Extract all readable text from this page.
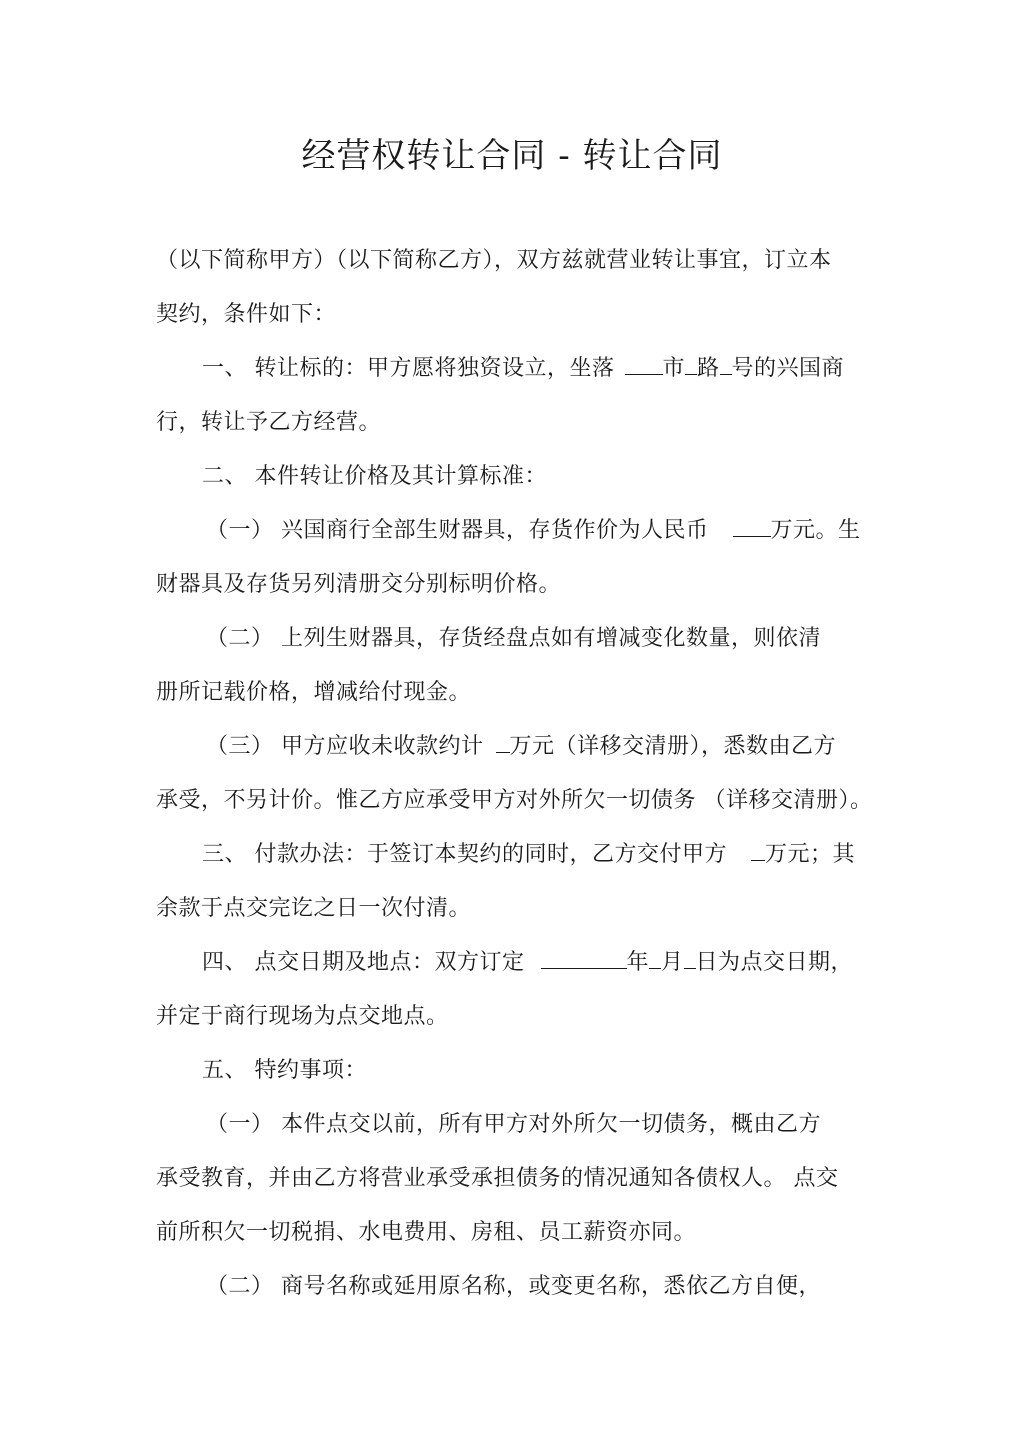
经营权转让合同 - 转让合同
（以下简称甲方）（以下简称乙方），双方兹就营业转让事宜，订立本
契约，条件如下：
一、 转让标的：甲方愿将独资设立，坐落 市 路 号的兴国商
行，转让予乙方经营。
二、 本件转让价格及其计算标准：
（一） 兴国商行全部生财器具，存货作价为人民币	万元。生
财器具及存货另列清册交分别标明价格。
（二） 上列生财器具，存货经盘点如有增减变化数量，则依清
册所记载价格，增减给付现金。
（三） 甲方应收未收款约计 万元（详移交清册），悉数由乙方
承受，不另计价。惟乙方应承受甲方对外所欠一切债务 （详移交清册）。
三、 付款办法：于签订本契约的同时，乙方交付甲方 万元；其
余款于点交完讫之日一次付清。
四、 点交日期及地点：双方订定	年 月 日为点交日期，
并定于商行现场为点交地点。
五、 特约事项：
（一） 本件点交以前，所有甲方对外所欠一切债务，概由乙方
承受教育，并由乙方将营业承受承担债务的情况通知各债权人。 点交
前所积欠一切税捐、水电费用、房租、员工薪资亦同。
（二） 商号名称或延用原名称，或变更名称，悉依乙方自便，
